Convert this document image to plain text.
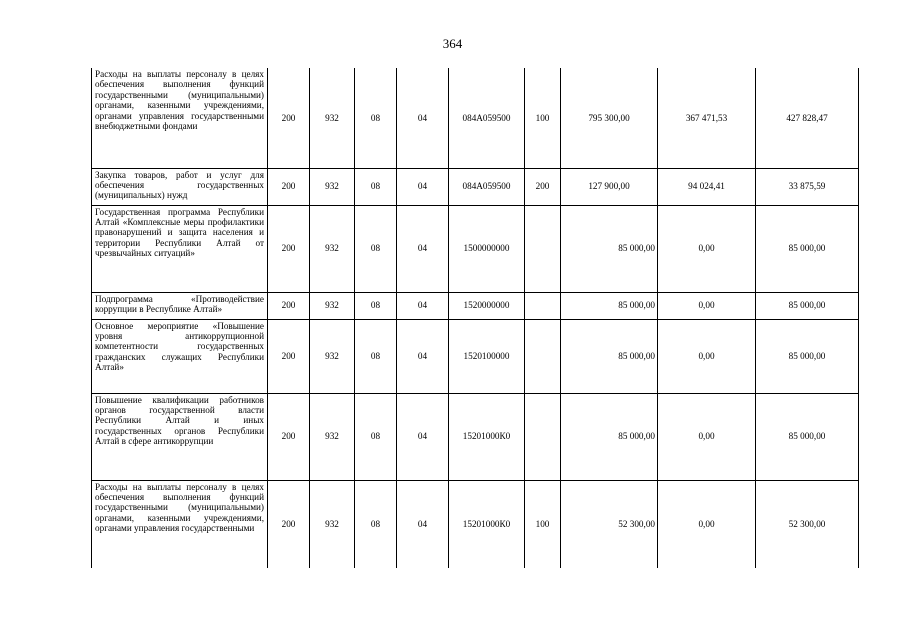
364
Расходы на выплаты персоналу в целях обеспечения выполнения функций государственными (муниципальными) органами, казенными учреждениями, органами управления государственными внебюджетными фондами	200	932	08	04	084А059500	100	795 300,00	367 471,53	427 828,47
Закупка товаров, работ и услуг для обеспечения государственных (муниципальных) нужд	200	932	08	04	084А059500	200	127 900,00	94 024,41	33 875,59
Государственная программа Республики Алтай «Комплексные меры профилактики правонарушений и защита населения и территории Республики Алтай от чрезвычайных ситуаций»	200	932	08	04	1500000000		85 000,00	0,00	85 000,00
Подпрограмма «Противодействие коррупции в Республике Алтай»	200	932	08	04	1520000000		85 000,00	0,00	85 000,00
Основное мероприятие «Повышение уровня антикоррупционной компетентности государственных гражданских служащих Республики Алтай»	200	932	08	04	1520100000		85 000,00	0,00	85 000,00
Повышение квалификации работников органов государственной власти Республики Алтай и иных государственных органов Республики Алтай в сфере антикоррупции	200	932	08	04	15201000К0		85 000,00	0,00	85 000,00
Расходы на выплаты персоналу в целях обеспечения выполнения функций государственными (муниципальными) органами, казенными учреждениями, органами управления государственными	200	932	08	04	15201000К0	100	52 300,00	0,00	52 300,00
